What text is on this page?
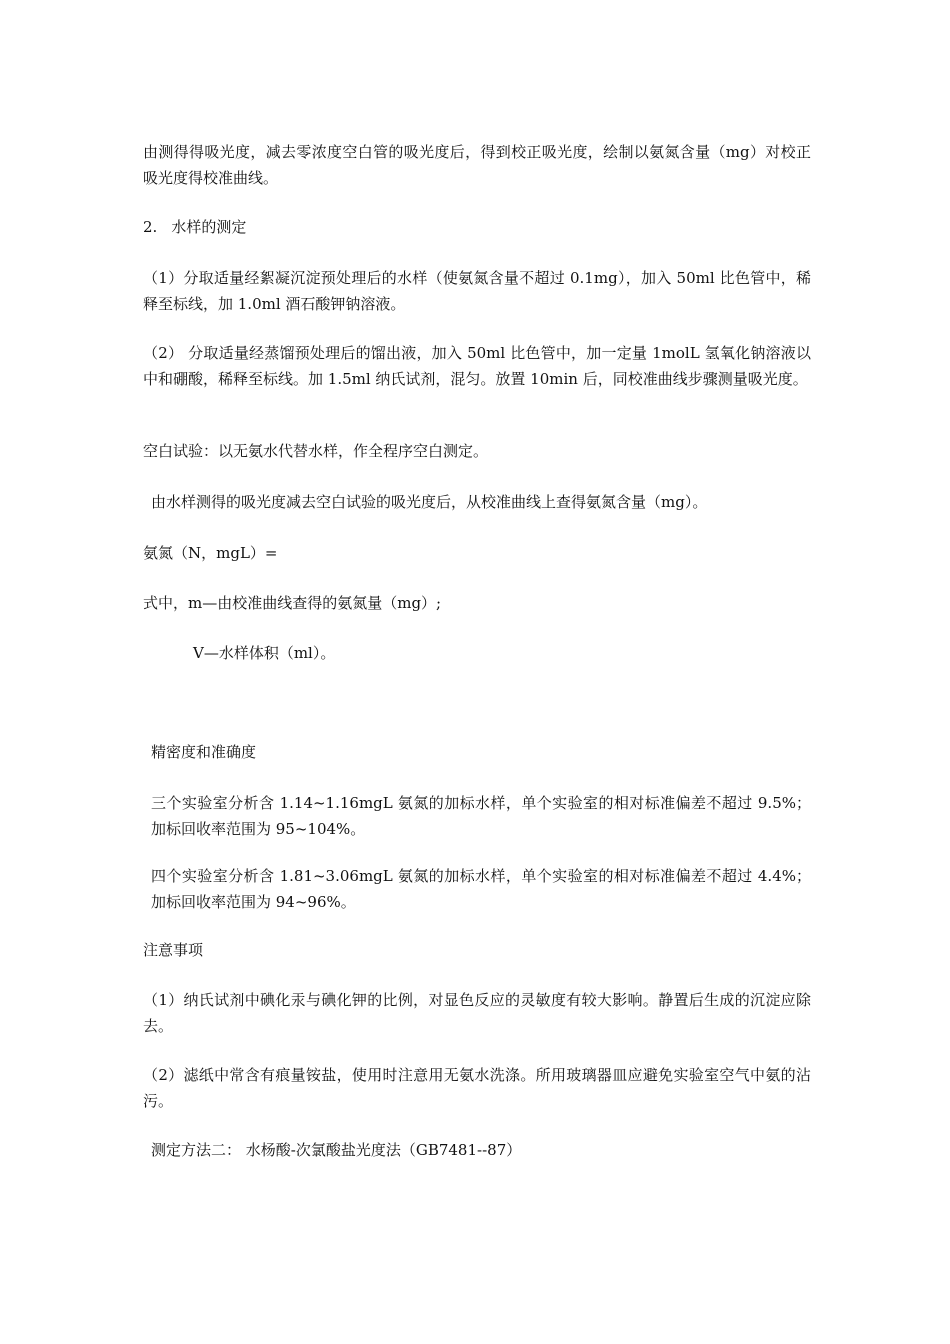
由测得得吸光度，减去零浓度空白管的吸光度后，得到校正吸光度，绘制以氨氮含量（mg）对校正吸光度得校准曲线。

2. 水样的测定

（1）分取适量经絮凝沉淀预处理后的水样（使氨氮含量不超过 0.1mg），加入 50ml 比色管中，稀释至标线，加 1.0ml 酒石酸钾钠溶液。

（2） 分取适量经蒸馏预处理后的馏出液，加入 50ml 比色管中，加一定量 1molL 氢氧化钠溶液以中和硼酸，稀释至标线。加 1.5ml 纳氏试剂，混匀。放置 10min 后，同校准曲线步骤测量吸光度。

空白试验：以无氨水代替水样，作全程序空白测定。

由水样测得的吸光度减去空白试验的吸光度后，从校准曲线上查得氨氮含量（mg）。

氨氮（N，mgL）=

式中，m—由校准曲线查得的氨氮量（mg）;

V—水样体积（ml）。

精密度和准确度

三个实验室分析含 1.14~1.16mgL 氨氮的加标水样，单个实验室的相对标准偏差不超过 9.5%；加标回收率范围为 95~104%。

四个实验室分析含 1.81~3.06mgL 氨氮的加标水样，单个实验室的相对标准偏差不超过 4.4%；加标回收率范围为 94~96%。

注意事项

（1）纳氏试剂中碘化汞与碘化钾的比例，对显色反应的灵敏度有较大影响。静置后生成的沉淀应除去。

（2）滤纸中常含有痕量铵盐，使用时注意用无氨水洗涤。所用玻璃器皿应避免实验室空气中氨的沾污。

测定方法二： 水杨酸-次氯酸盐光度法（GB7481--87）
